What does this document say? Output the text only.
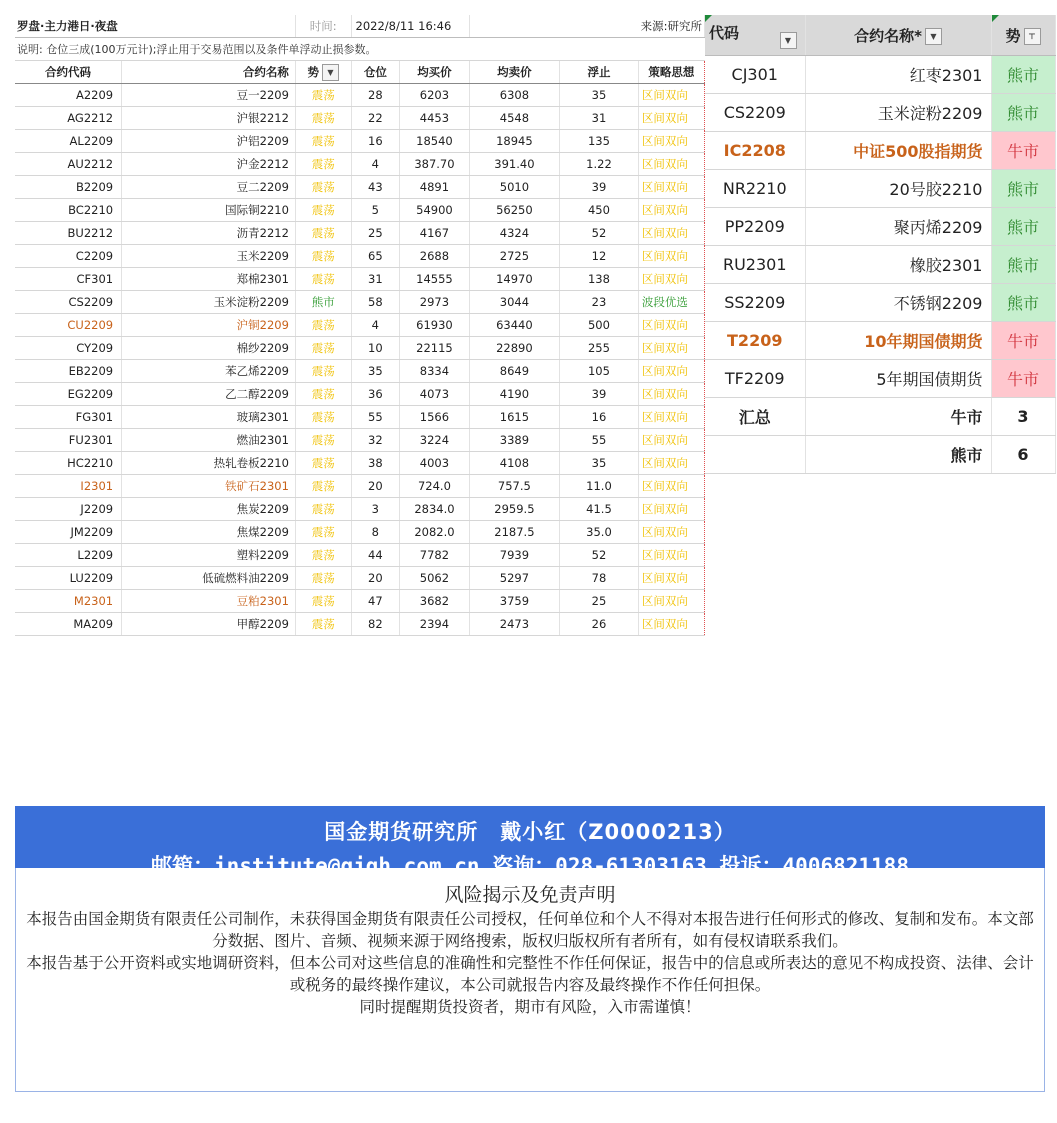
罗盘·主力港日·夜盘		时间:	2022/8/11 16:46		来源:研究所		
说明: 仓位三成(100万元计);浮止用于交易范围以及条件单浮动止损参数。							
合约代码	合约名称	势 ▼	仓位	均买价	均卖价	浮止	策略思想
A2209	豆一2209	震荡	28	6203	6308	35	区间双向
AG2212	沪银2212	震荡	22	4453	4548	31	区间双向
AL2209	沪铝2209	震荡	16	18540	18945	135	区间双向
AU2212	沪金2212	震荡	4	387.70	391.40	1.22	区间双向
B2209	豆二2209	震荡	43	4891	5010	39	区间双向
BC2210	国际铜2210	震荡	5	54900	56250	450	区间双向
BU2212	沥青2212	震荡	25	4167	4324	52	区间双向
C2209	玉米2209	震荡	65	2688	2725	12	区间双向
CF301	郑棉2301	震荡	31	14555	14970	138	区间双向
CS2209	玉米淀粉2209	熊市	58	2973	3044	23	波段优选
CU2209	沪铜2209	震荡	4	61930	63440	500	区间双向
CY209	棉纱2209	震荡	10	22115	22890	255	区间双向
EB2209	苯乙烯2209	震荡	35	8334	8649	105	区间双向
EG2209	乙二醇2209	震荡	36	4073	4190	39	区间双向
FG301	玻璃2301	震荡	55	1566	1615	16	区间双向
FU2301	燃油2301	震荡	32	3224	3389	55	区间双向
HC2210	热轧卷板2210	震荡	38	4003	4108	35	区间双向
I2301	铁矿石2301	震荡	20	724.0	757.5	11.0	区间双向
J2209	焦炭2209	震荡	3	2834.0	2959.5	41.5	区间双向
JM2209	焦煤2209	震荡	8	2082.0	2187.5	35.0	区间双向
L2209	塑料2209	震荡	44	7782	7939	52	区间双向
LU2209	低硫燃料油2209	震荡	20	5062	5297	78	区间双向
M2301	豆粕2301	震荡	47	3682	3759	25	区间双向
MA209	甲醇2209	震荡	82	2394	2473	26	区间双向
代码 ▼	合约名称* ▼	势 ⊤
CJ301	红枣2301	熊市
CS2209	玉米淀粉2209	熊市
IC2208	中证500股指期货	牛市
NR2210	20号胶2210	熊市
PP2209	聚丙烯2209	熊市
RU2301	橡胶2301	熊市
SS2209	不锈钢2209	熊市
T2209	10年期国债期货	牛市
TF2209	5年期国债期货	牛市
汇总	牛市	3
	熊市	6
国金期货研究所　戴小红（Z0000213）
邮箱：institute@gjqh.com.cn 咨询：028-61303163 投诉：4006821188
风险揭示及免责声明

本报告由国金期货有限责任公司制作，未获得国金期货有限责任公司授权，任何单位和个人不得对本报告进行任何形式的修改、复制和发布。本文部分数据、图片、音频、视频来源于网络搜索，版权归版权所有者所有，如有侵权请联系我们。

本报告基于公开资料或实地调研资料，但本公司对这些信息的准确性和完整性不作任何保证，报告中的信息或所表达的意见不构成投资、法律、会计或税务的最终操作建议，本公司就报告内容及最终操作不作任何担保。

同时提醒期货投资者，期市有风险，入市需谨慎！
